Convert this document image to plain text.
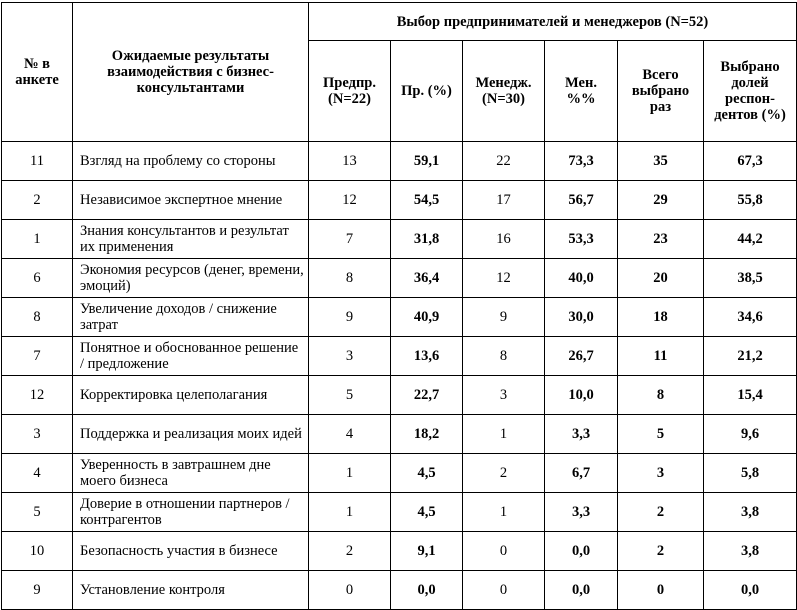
№ в анкете	Ожидаемые результаты взаимодействия с бизнес-консультантами	Выбор предпринимателей и менеджеров (N=52)					
		Предпр. (N=22)	Пр. (%)	Менедж. (N=30)	Мен. %%	Всего выбрано раз	Выбрано долей респон-дентов (%)
11	Взгляд на проблему со стороны	13	59,1	22	73,3	35	67,3
2	Независимое экспертное мнение	12	54,5	17	56,7	29	55,8
1	Знания консультантов и результат их применения	7	31,8	16	53,3	23	44,2
6	Экономия ресурсов (денег, времени, эмоций)	8	36,4	12	40,0	20	38,5
8	Увеличение доходов / снижение затрат	9	40,9	9	30,0	18	34,6
7	Понятное и обоснованное решение / предложение	3	13,6	8	26,7	11	21,2
12	Корректировка целеполагания	5	22,7	3	10,0	8	15,4
3	Поддержка и реализация моих идей	4	18,2	1	3,3	5	9,6
4	Уверенность в завтрашнем дне моего бизнеса	1	4,5	2	6,7	3	5,8
5	Доверие в отношении партнеров / контрагентов	1	4,5	1	3,3	2	3,8
10	Безопасность участия в бизнесе	2	9,1	0	0,0	2	3,8
9	Установление контроля	0	0,0	0	0,0	0	0,0
